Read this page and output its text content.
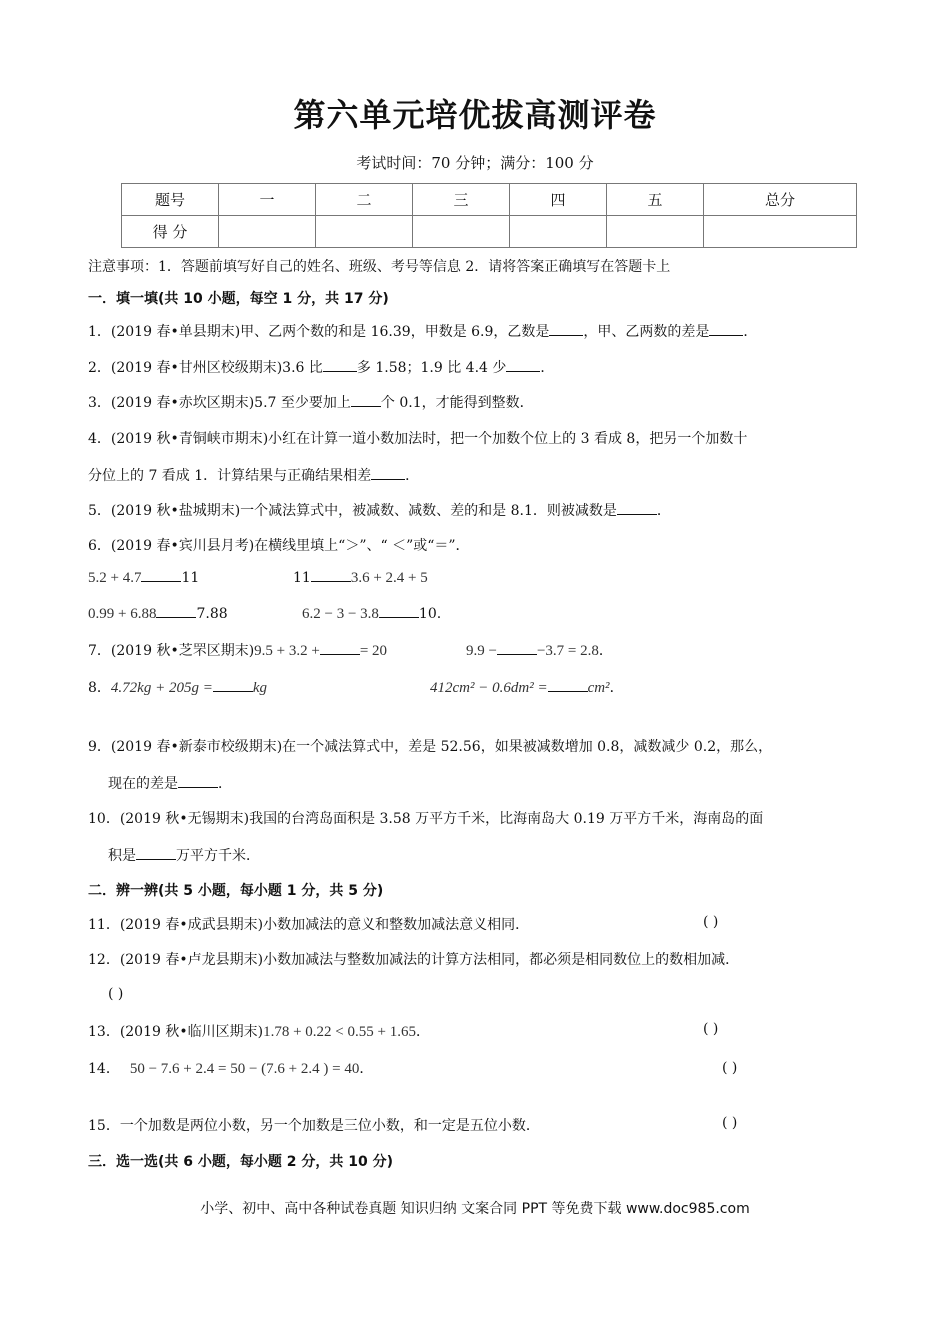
第六单元培优拔高测评卷
考试时间：70 分钟；满分：100 分
题号	一	二	三	四	五	总分
得 分						
注意事项：1．答题前填写好自己的姓名、班级、考号等信息 2．请将答案正确填写在答题卡上
一．填一填(共 10 小题，每空 1 分，共 17 分)
1．(2019 春•单县期末)甲、乙两个数的和是 16.39，甲数是 6.9，乙数是 ，甲、乙两数的差是 ．
2．(2019 春•甘州区校级期末)3.6 比 多 1.58；1.9 比 4.4 少 ．
3．(2019 春•赤坎区期末)5.7 至少要加上 个 0.1，才能得到整数．
4．(2019 秋•青铜峡市期末)小红在计算一道小数加法时，把一个加数个位上的 3 看成 8，把另一个加数十
分位上的 7 看成 1．计算结果与正确结果相差 ．
5．(2019 秋•盐城期末)一个减法算式中，被减数、减数、差的和是 8.1．则被减数是	．
6．(2019 春•宾川县月考)在横线里填上“＞”、“ ＜”或“＝”．
5.2 + 4.7	11	11	3.6 + 2.4 + 5
0.99 + 6.88	7.88	6.2 − 3 − 3.8	10.
7．(2019 秋•芝罘区期末)9.5 + 3.2 +	= 20	9.9 −	−3.7 = 2.8．
8．4.72kg + 205g =	kg	412cm² − 0.6dm² =	cm²．
9．(2019 春•新泰市校级期末)在一个减法算式中，差是 52.56，如果被减数增加 0.8，减数减少 0.2，那么，
现在的差是	．
10．(2019 秋•无锡期末)我国的台湾岛面积是 3.58 万平方千米，比海南岛大 0.19 万平方千米，海南岛的面
积是	万平方千米．
二．辨一辨(共 5 小题，每小题 1 分，共 5 分)
11．(2019 春•成武县期末)小数加减法的意义和整数加减法意义相同．	( )
12．(2019 春•卢龙县期末)小数加减法与整数加减法的计算方法相同，都必须是相同数位上的数相加减．
( )
13．(2019 秋•临川区期末)1.78 + 0.22 < 0.55 + 1.65．	( )
14． 50 − 7.6 + 2.4 = 50 − (7.6 + 2.4 ) = 40．	( )
15．一个加数是两位小数，另一个加数是三位小数，和一定是五位小数．	( )
三．选一选(共 6 小题，每小题 2 分，共 10 分)
小学、初中、高中各种试卷真题 知识归纳 文案合同 PPT 等免费下载 www.doc985.com
